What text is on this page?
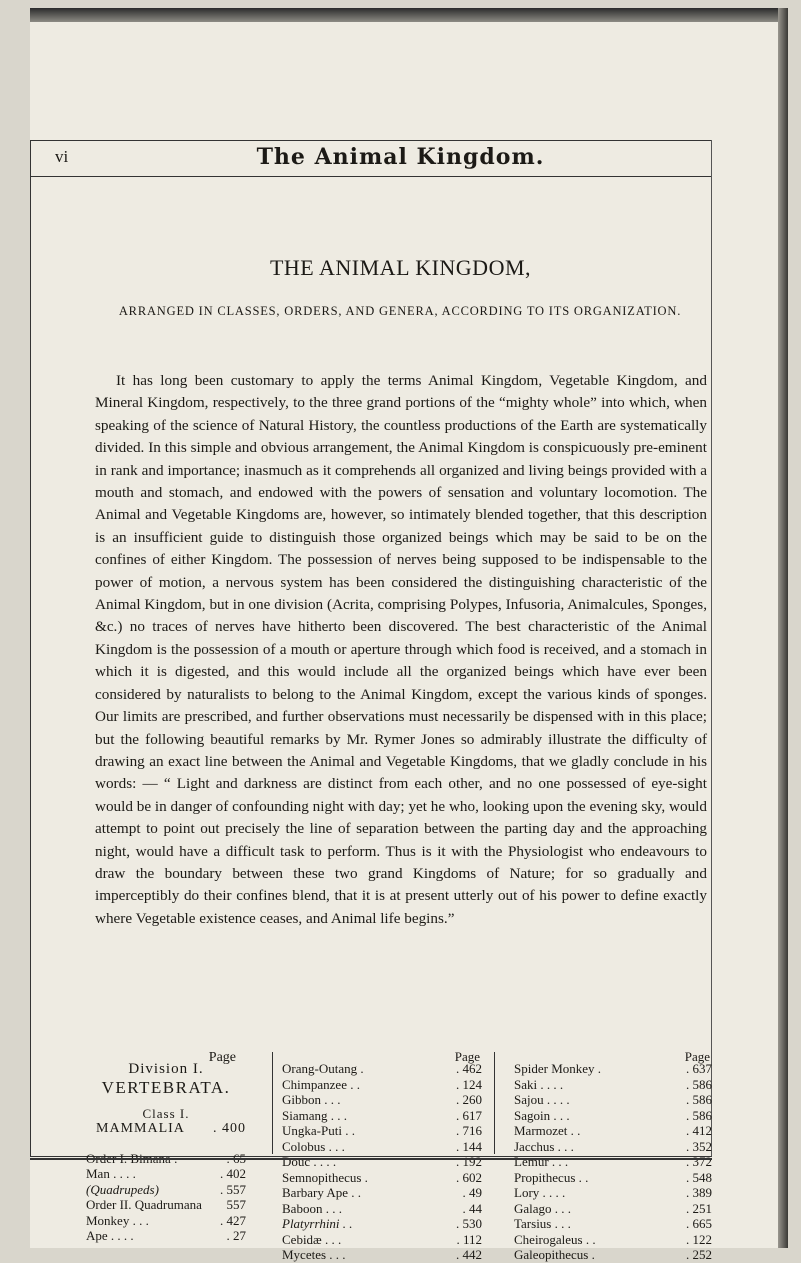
vi	The Animal Kingdom.
THE ANIMAL KINGDOM,
ARRANGED IN CLASSES, ORDERS, AND GENERA, ACCORDING TO ITS ORGANIZATION.
It has long been customary to apply the terms Animal Kingdom, Vegetable Kingdom, and Mineral Kingdom, respectively, to the three grand portions of the “mighty whole” into which, when speaking of the science of Natural History, the countless productions of the Earth are systematically divided. In this simple and obvious arrangement, the Animal Kingdom is conspicuously pre-eminent in rank and importance; inasmuch as it comprehends all organized and living beings provided with a mouth and stomach, and endowed with the powers of sensation and voluntary locomotion. The Animal and Vegetable Kingdoms are, however, so intimately blended together, that this description is an insufficient guide to distinguish those organized beings which may be said to be on the confines of either Kingdom. The possession of nerves being supposed to be indispensable to the power of motion, a nervous system has been considered the distinguishing characteristic of the Animal Kingdom, but in one division (Acrita, comprising Polypes, Infusoria, Animalcules, Sponges, &c.) no traces of nerves have hitherto been discovered. The best characteristic of the Animal Kingdom is the possession of a mouth or aperture through which food is received, and a stomach in which it is digested, and this would include all the organized beings which have ever been considered by naturalists to belong to the Animal Kingdom, except the various kinds of sponges. Our limits are prescribed, and further observations must necessarily be dispensed with in this place; but the following beautiful remarks by Mr. Rymer Jones so admirably illustrate the difficulty of drawing an exact line between the Animal and Vegetable Kingdoms, that we gladly conclude in his words: — “ Light and darkness are distinct from each other, and no one possessed of eye-sight would be in danger of confounding night with day; yet he who, looking upon the evening sky, would attempt to point out precisely the line of separation between the parting day and the approaching night, would have a difficult task to perform. Thus is it with the Physiologist who endeavours to draw the boundary between these two grand Kingdoms of Nature; for so gradually and imperceptibly do their confines blend, that it is at present utterly out of his power to define exactly where Vegetable existence ceases, and Animal life begins.”
Page
Division I.
VERTEBRATA.
Class I.
MAMMALIA . 400
Order I. Bimana .	. 65
Man . . . .	. 402
(Quadrupeds)	. 557
Order II. Quadrumana	557
Monkey . . .	. 427
Ape . . . .	. 27
Page
Orang-Outang .	. 462
Chimpanzee . .	. 124
Gibbon . . .	. 260
Siamang . . .	. 617
Ungka-Puti . .	. 716
Colobus . . .	. 144
Douc . . . .	. 192
Semnopithecus .	. 602
Barbary Ape . .	. 49
Baboon . . .	. 44
Platyrrhini . .	. 530
Cebidæ . . .	. 112
Mycetes . . .	. 442
Page
Spider Monkey .	. 637
Saki . . . .	. 586
Sajou . . . .	. 586
Sagoin . . .	. 586
Marmozet . .	. 412
Jacchus . . .	. 352
Lemur . . .	. 372
Propithecus . .	. 548
Lory . . . .	. 389
Galago . . .	. 251
Tarsius . . .	. 665
Cheirogaleus . .	. 122
Galeopithecus .	. 252
